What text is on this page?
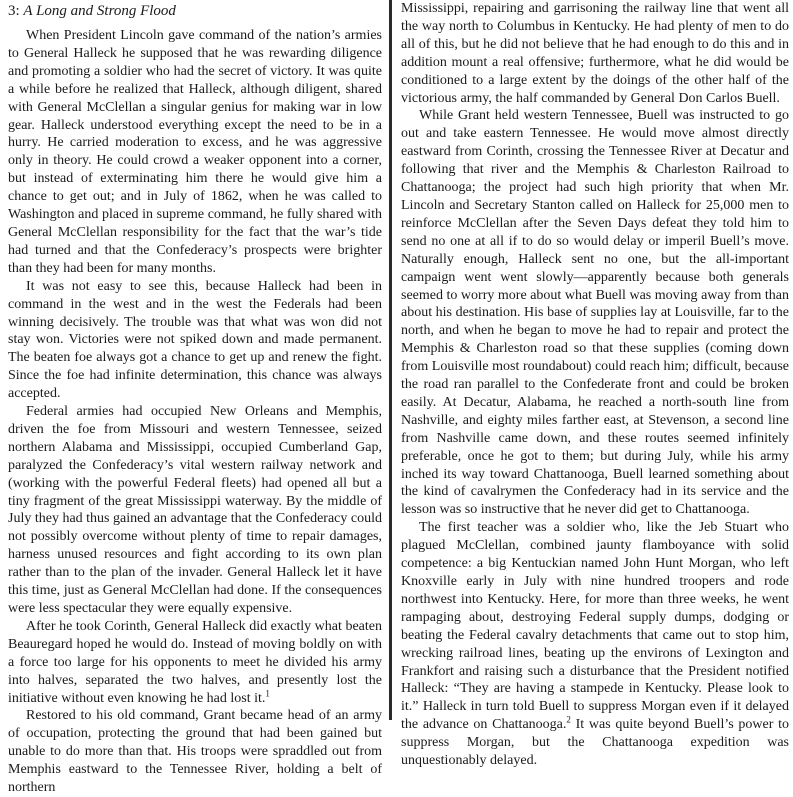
3: A Long and Strong Flood

When President Lincoln gave command of the nation’s armies to General Halleck he supposed that he was rewarding diligence and promoting a soldier who had the secret of victory. It was quite a while before he realized that Halleck, although diligent, shared with General McClellan a singular genius for making war in low gear. Halleck understood everything except the need to be in a hurry. He carried moderation to excess, and he was aggressive only in theory. He could crowd a weaker opponent into a corner, but instead of exterminating him there he would give him a chance to get out; and in July of 1862, when he was called to Washington and placed in supreme command, he fully shared with General McClellan responsibility for the fact that the war’s tide had turned and that the Confederacy’s prospects were brighter than they had been for many months.

It was not easy to see this, because Halleck had been in command in the west and in the west the Federals had been winning decisively. The trouble was that what was won did not stay won. Victories were not spiked down and made permanent. The beaten foe always got a chance to get up and renew the fight. Since the foe had infinite determination, this chance was always accepted.

Federal armies had occupied New Orleans and Memphis, driven the foe from Missouri and western Tennessee, seized northern Alabama and Mississippi, occupied Cumberland Gap, paralyzed the Confederacy’s vital western railway network and (working with the powerful Federal fleets) had opened all but a tiny fragment of the great Mississippi waterway. By the middle of July they had thus gained an advantage that the Confederacy could not possibly overcome without plenty of time to repair damages, harness unused resources and fight according to its own plan rather than to the plan of the invader. General Halleck let it have this time, just as General McClellan had done. If the consequences were less spectacular they were equally expensive.

After he took Corinth, General Halleck did exactly what beaten Beauregard hoped he would do. Instead of moving boldly on with a force too large for his opponents to meet he divided his army into halves, separated the two halves, and presently lost the initiative without even knowing he had lost it.$^1$

Restored to his old command, Grant became head of an army of occupation, protecting the ground that had been gained but unable to do more than that. His troops were spraddled out from Memphis eastward to the Tennessee River, holding a belt of northern

Mississippi, repairing and garrisoning the railway line that went all the way north to Columbus in Kentucky. He had plenty of men to do all of this, but he did not believe that he had enough to do this and in addition mount a real offensive; furthermore, what he did would be conditioned to a large extent by the doings of the other half of the victorious army, the half commanded by General Don Carlos Buell.

While Grant held western Tennessee, Buell was instructed to go out and take eastern Tennessee. He would move almost directly eastward from Corinth, crossing the Tennessee River at Decatur and following that river and the Memphis & Charleston Railroad to Chattanooga; the project had such high priority that when Mr. Lincoln and Secretary Stanton called on Halleck for 25,000 men to reinforce McClellan after the Seven Days defeat they told him to send no one at all if to do so would delay or imperil Buell’s move. Naturally enough, Halleck sent no one, but the all-important campaign went went slowly—apparently because both generals seemed to worry more about what Buell was moving away from than about his destination. His base of supplies lay at Louisville, far to the north, and when he began to move he had to repair and protect the Memphis & Charleston road so that these supplies (coming down from Louisville most roundabout) could reach him; difficult, because the road ran parallel to the Confederate front and could be broken easily. At Decatur, Alabama, he reached a north-south line from Nashville, and eighty miles farther east, at Stevenson, a second line from Nashville came down, and these routes seemed infinitely preferable, once he got to them; but during July, while his army inched its way toward Chattanooga, Buell learned something about the kind of cavalrymen the Confederacy had in its service and the lesson was so instructive that he never did get to Chattanooga.

The first teacher was a soldier who, like the Jeb Stuart who plagued McClellan, combined jaunty flamboyance with solid competence: a big Kentuckian named John Hunt Morgan, who left Knoxville early in July with nine hundred troopers and rode northwest into Kentucky. Here, for more than three weeks, he went rampaging about, destroying Federal supply dumps, dodging or beating the Federal cavalry detachments that came out to stop him, wrecking railroad lines, beating up the environs of Lexington and Frankfort and raising such a disturbance that the President notified Halleck: “They are having a stampede in Kentucky. Please look to it.” Halleck in turn told Buell to suppress Morgan even if it delayed the advance on Chattanooga.$^2$ It was quite beyond Buell’s power to suppress Morgan, but the Chattanooga expedition was unquestionably delayed.
